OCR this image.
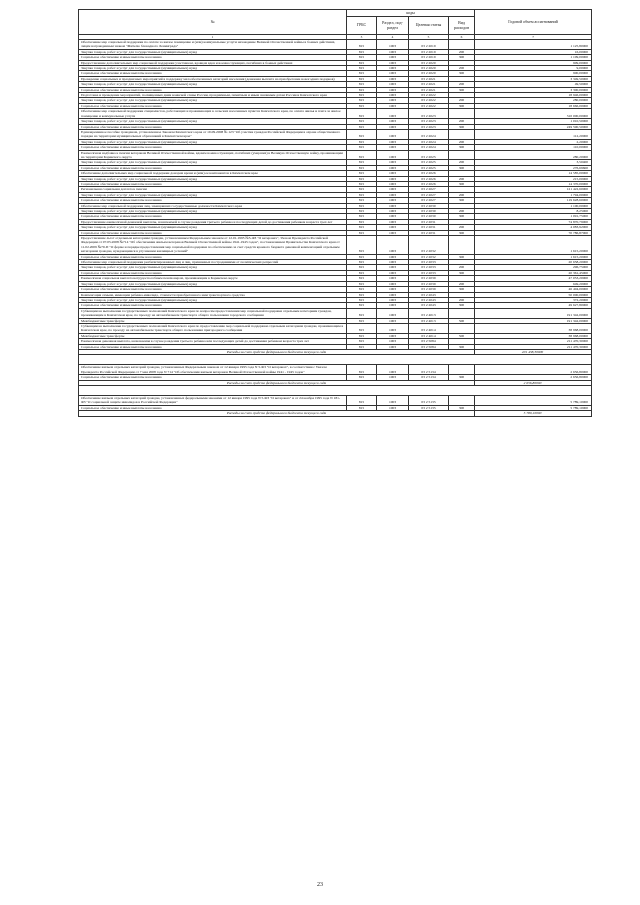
№	коды				Годовой объем ассигнований
	ГРБС	Раздел, под-раздел	Целевая статья	Вид расходов	
1	3	4	5	6	7
Обеспечение мер социальной поддержки по оплате за жилое помещение и (или) коммунальные услуги нахождение Великой Отечественной войны в боевых действиях, лицам награжденным знаком "Жителю блокадного Ленинграда"	815	1003	03 2 2019		1 125,80000
Закупка товаров, работ и услуг для государственных (муниципальных) нужд	815	1003	03 2 2019	200	16,00000
Социальное обеспечение и иные выплаты населению	815	1003	03 2 2019	300	1 109,00000
Предоставление дополнительных мер социальной поддержки участникам, вдовцам вдов и военнослужащих, погибших в боевых действиях	815	1003	03 2 2020		909,00000
Закупка товаров, работ и услуг для государственных (муниципальных) нужд	815	1003	03 2 2020	200	9,00000
Социальное обеспечение и иные выплаты населению	815	1003	03 2 2020	300	900,00000
Проведение социальных и праздничных мероприятий в поддержку малообеспеченных категорий населения (денежная выплата на приобретение новогодних подарков)	815	1003	03 2 2021		3 349,50000
Закупка товаров, работ и услуг для государственных (муниципальных) нужд	815	1003	03 2 2021	200	49,50000
Социальное обеспечение и иные выплаты населению	815	1003	03 2 2021	300	3 300,00000
Подготовка и проведение мероприятий, посвященных дням воинской славы России, праздничным, памятным и иным значимым датам России и Камчатского края	815	1003	03 2 2022		18 946,00000
Закупка товаров, работ и услуг для государственных (муниципальных) нужд	815	1003	03 2 2022	200	280,00000
Социальное обеспечение и иные выплаты населению	815	1003	03 2 2022	300	18 666,00000
Обеспечение мер социальной поддержки специалистов, работающих и проживающих в сельских населенных пунктах Камчатского края, по оплате жилья и плате за жилое помещение и коммунальные услуги	815	1003	03 2 2023		310 000,00000
Закупка товаров, работ и услуг для государственных (муниципальных) нужд	815	1003	03 2 2023	200	1 010,50000
Социальное обеспечение и иные выплаты населению	815	1003	03 2 2023	300	249 590,50000
Единовременное пособие гражданам, установленное Законом Камчатского края от 19.09.2008 № 123 "Об участии граждан Российской Федерации в охране общественного порядка на территории муниципальных образований в Камчатском крае"	815	1003	03 2 2024		112,20000
Закупка товаров, работ и услуг для государственных (муниципальных) нужд	815	1003	03 2 2024	200	2,20000
Социальное обеспечение и иные выплаты населению	815	1003	03 2 2024	300	110,00000
Ежемесячная надбавка к пенсии ветеранам Великой Отечественной войны, вдовам военнослужащих, погибших (умерших) в Великую Отечественную войну, проживающим на территории Корякского округа	815	1003	03 2 2025		280,20000
Закупка товаров, работ и услуг для государственных (муниципальных) нужд	815	1003	03 2 2025	200	3,50400
Социальное обеспечение и иные выплаты населению	815	1003	03 2 2025	300	276,69600
Обеспечение дополнительных мер социальной поддержки донорам крови и (или) ее компонентов в Камчатском крае	815	1003	03 2 2026		14 585,00000
Закупка товаров, работ и услуг для государственных (муниципальных) нужд	815	1003	03 2 2026	200	215,00000
Социальное обеспечение и иные выплаты населению	815	1003	03 2 2026	300	14 370,00000
Региональная социальная доплата к пенсии	815	1003	03 2 2027		121 422,60000
Закупка товаров, работ и услуг для государственных (муниципальных) нужд	815	1003	03 2 2027	200	1 794,00000
Социальное обеспечение и иные выплаты населению	815	1003	03 2 2027	300	119 628,60000
Обеспечение мер социальной поддержки лиц, замещавших государственные должности Камчатского края	815	1003	03 2 2030		1 100,00000
Закупка товаров, работ и услуг для государственных (муниципальных) нужд	815	1003	03 2 2030	200	8,25000
Социальное обеспечение и иные выплаты населению	815	1003	03 2 2030	300	1 091,75000
Предоставление ежемесячной денежной выплаты, назначаемой в случае рождения третьего ребенка и последующих детей до достижения ребенком возраста трех лет	815	1003	03 2 2031		74 870,79000
Закупка товаров, работ и услуг для государственных (муниципальных) нужд	815	1003	03 2 2031	200	4 083,92000
Социальное обеспечение и иные выплаты населению	815	1003	03 2 2031	300	70 786,87000
Предоставление льгот отдельным категориям граждан, установленным Федеральным законом от 12.01.1995 №5-ФЗ "О ветеранах", Указом Президента Российской Федерации от 07.05.2008 №714 "Об обеспечении жильем ветеранов Великой Отечественной войны 1941-1945 годов", постановлением Правительства Камчатского края от 11.02.2009 №70-П "О форме и порядке предоставления мер социальной поддержки по обеспечению за счет средств краевого бюджета денежной компенсацией отдельным категориям граждан, нуждающимся в улучшении жилищных условий"	815	1003	03 2 2032		1 615,20000
Социальное обеспечение и иные выплаты населению	815	1003	03 2 2032	300	1 615,20000
Обеспечение мер социальной поддержки реабилитированных лиц и лиц, признанных пострадавшими от политических репрессий	815	1003	03 2 2033		20 658,20000
Закупка товаров, работ и услуг для государственных (муниципальных) нужд	815	1003	03 2 2033	200	296,75000
Социальное обеспечение и иные выплаты населению	815	1003	03 2 2033	300	20 361,45000
Ежемесячная социальная выплата нетрудоспособным пенсионерам, проживающим в Корякском округе	815	1003	03 2 2039		47 053,20000
Закупка товаров, работ и услуг для государственных (муниципальных) нужд	815	1003	03 2 2039	200	649,20000
Социальное обеспечение и иные выплаты населению	815	1003	03 2 2039	300	46 404,00000
Компенсация семьям, имеющим ребенка-инвалида, стоимости приобретенного ими транспортного средства	815	1003	03 2 2043		50 000,00000
Закупка товаров, работ и услуг для государственных (муниципальных) нужд	815	1003	03 2 2043	200	372,20000
Социальное обеспечение и иные выплаты населению	815	1003	03 2 2043	300	49 627,80000
Субвенции на выполнение государственных полномочий Камчатского края по вопросам предоставления мер социальной поддержки отдельным категориям граждан, проживающим в Камчатском крае, по проезду на автомобильном транспорте общего пользования городского сообщения	815	1003	03 2 4013		191 342,00000
Межбюджетные трансферты	815	1003	03 2 4013	500	191 342,00000
Субвенции на выполнение государственных полномочий Камчатского края по предоставлению мер социальной поддержки отдельным категориям граждан, проживающим в Камчатском крае, по проезду на автомобильном транспорте общего пользования пригородного сообщения	815	1003	03 2 4014		38 968,00000
Межбюджетные трансферты	815	1003	03 2 4014	500	38 968,00000
Ежемесячная денежная выплата, назначаемая в случае рождения третьего ребенка или последующих детей до достижения ребенком возраста трех лет	815	1003	03 2 5084		211 470,30000
Социальное обеспечение и иные выплаты населению	815	1003	03 2 5084	300	211 470,30000
Расходы за счет средств федерального бюджета текущего года					201 438,30000

Обеспечение жильем отдельных категорий граждан, установленных Федеральным законом от 12 января 1995 года N 5-ФЗ "О ветеранах", в соответствии с Указом Президента Российской Федерации от 7 мая 2008 года N 714 "Об обеспечении жильем ветеранов Великой Отечественной войны 1941 - 1945 годов"	815	1003	03 2 5134		2 656,80000
Социальное обеспечение и иные выплаты населению	815	1003	03 2 5134	300	2 656,80000
Расходы за счет средств федерального бюджета текущего года					2 656,80000

Обеспечение жильем отдельных категорий граждан, установленных федеральными законами от 12 января 1995 года N 5-ФЗ "О ветеранах" и от 24 ноября 1995 года N 181-ФЗ "О социальной защите инвалидов в Российской Федерации"	815	1003	03 2 5135		5 789,10000
Социальное обеспечение и иные выплаты населению	815	1003	03 2 5135	300	5 789,10000
Расходы за счет средств федерального бюджета текущего года					5 789,10000
23
